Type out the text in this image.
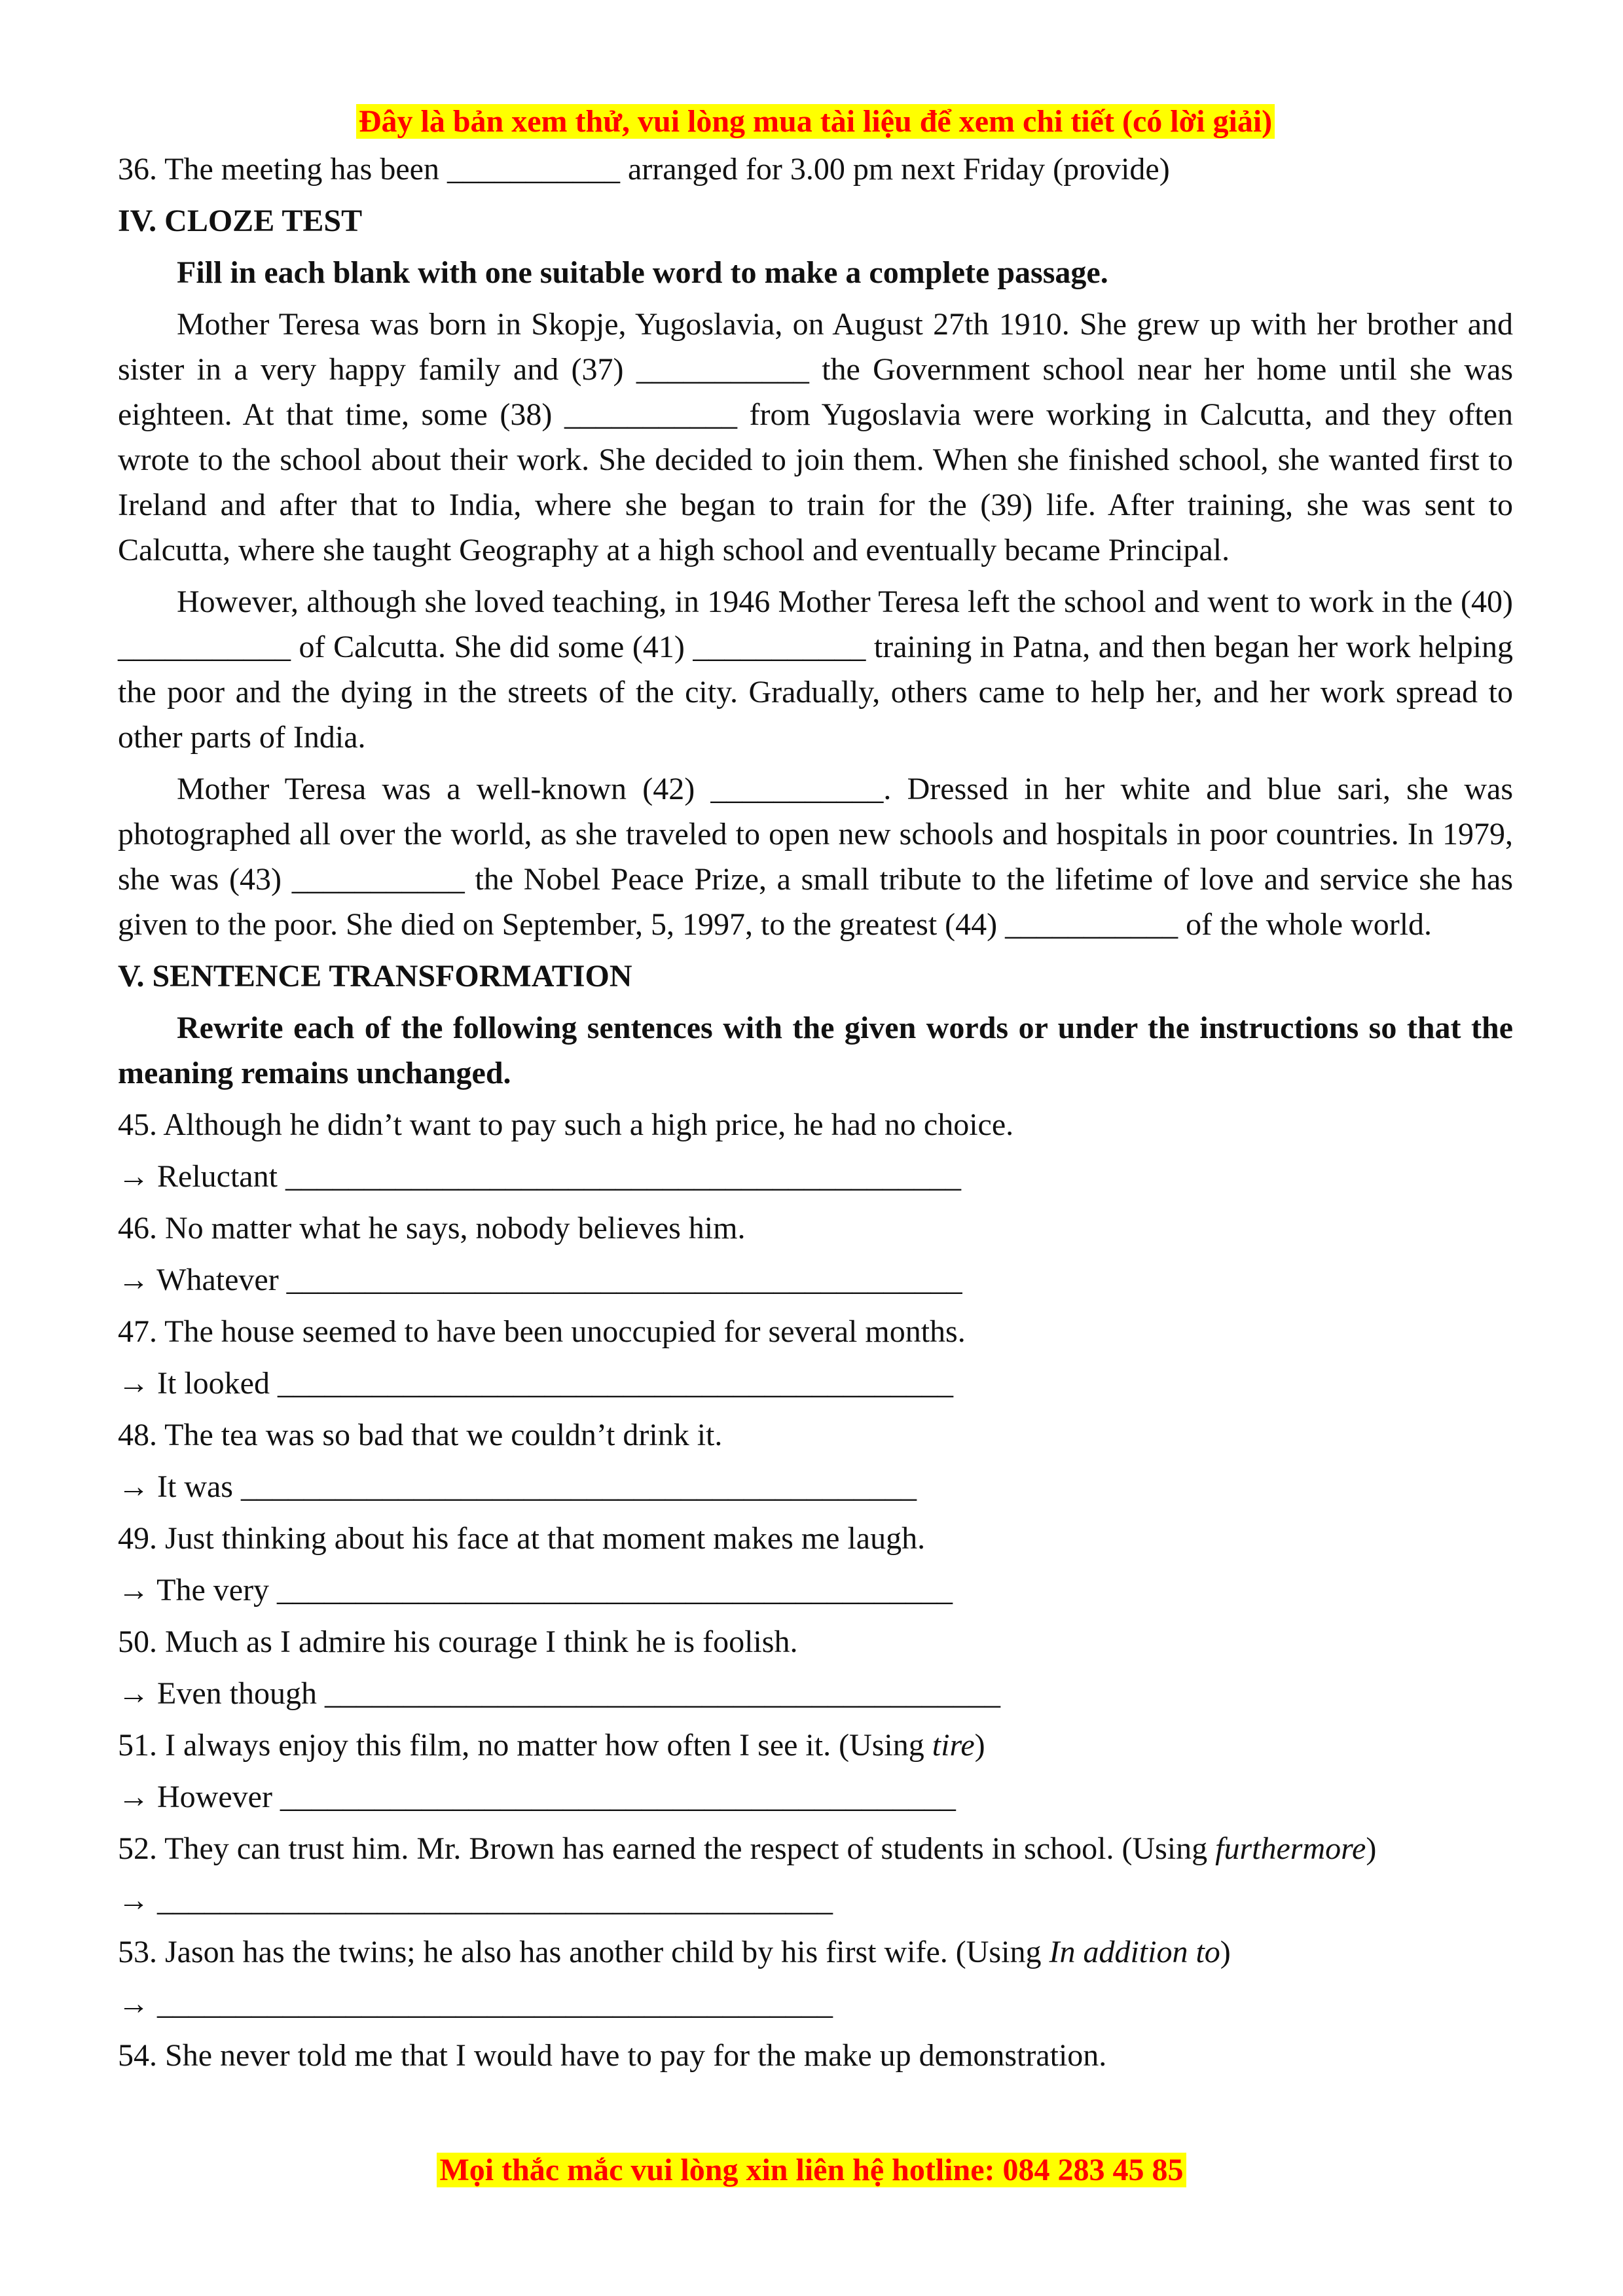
Đây là bản xem thử, vui lòng mua tài liệu để xem chi tiết (có lời giải)
36. The meeting has been ___________ arranged for 3.00 pm next Friday (provide)
IV. CLOZE TEST
Fill in each blank with one suitable word to make a complete passage.
Mother Teresa was born in Skopje, Yugoslavia, on August 27th 1910. She grew up with her brother and sister in a very happy family and (37) ___________ the Government school near her home until she was eighteen. At that time, some (38) ___________ from Yugoslavia were working in Calcutta, and they often wrote to the school about their work. She decided to join them. When she finished school, she wanted first to Ireland and after that to India, where she began to train for the (39) life. After training, she was sent to Calcutta, where she taught Geography at a high school and eventually became Principal.
However, although she loved teaching, in 1946 Mother Teresa left the school and went to work in the (40) ___________ of Calcutta. She did some (41) ___________ training in Patna, and then began her work helping the poor and the dying in the streets of the city. Gradually, others came to help her, and her work spread to other parts of India.
Mother Teresa was a well-known (42) ___________. Dressed in her white and blue sari, she was photographed all over the world, as she traveled to open new schools and hospitals in poor countries. In 1979, she was (43) ___________ the Nobel Peace Prize, a small tribute to the lifetime of love and service she has given to the poor. She died on September, 5, 1997, to the greatest (44) ___________ of the whole world.
V. SENTENCE TRANSFORMATION
Rewrite each of the following sentences with the given words or under the instructions so that the meaning remains unchanged.
45. Although he didn’t want to pay such a high price, he had no choice.
→ Reluctant ___________________________________________
46. No matter what he says, nobody believes him.
→ Whatever ___________________________________________
47. The house seemed to have been unoccupied for several months.
→ It looked ___________________________________________
48. The tea was so bad that we couldn’t drink it.
→ It was ___________________________________________
49. Just thinking about his face at that moment makes me laugh.
→ The very ___________________________________________
50. Much as I admire his courage I think he is foolish.
→ Even though ___________________________________________
51. I always enjoy this film, no matter how often I see it. (Using tire)
→ However ___________________________________________
52. They can trust him. Mr. Brown has earned the respect of students in school. (Using furthermore)
→ ___________________________________________
53. Jason has the twins; he also has another child by his first wife. (Using In addition to)
→ ___________________________________________
54. She never told me that I would have to pay for the make up demonstration.
Mọi thắc mắc vui lòng xin liên hệ hotline: 084 283 45 85
